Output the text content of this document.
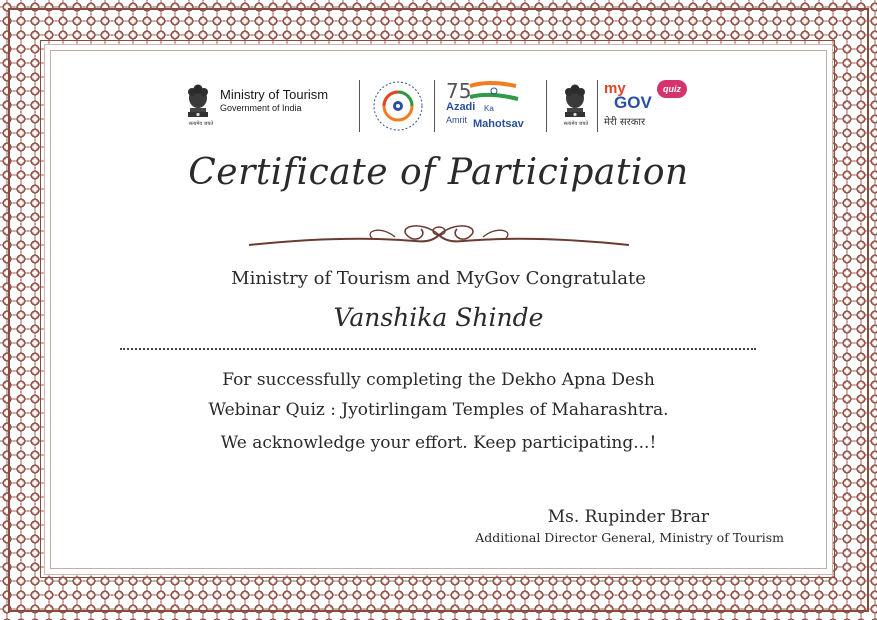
सत्यमेव जयते
Ministry of Tourism
Government of India
75
Azadi Ka
Amrit Mahotsav	सत्यमेव जयते
my
GOV
quiz
मेरी सरकार
Certificate of Participation
Ministry of Tourism and MyGov Congratulate
Vanshika Shinde
For successfully completing the Dekho Apna Desh
Webinar Quiz : Jyotirlingam Temples of Maharashtra.
We acknowledge your effort. Keep participating...!
Ms. Rupinder Brar
Additional Director General, Ministry of Tourism
